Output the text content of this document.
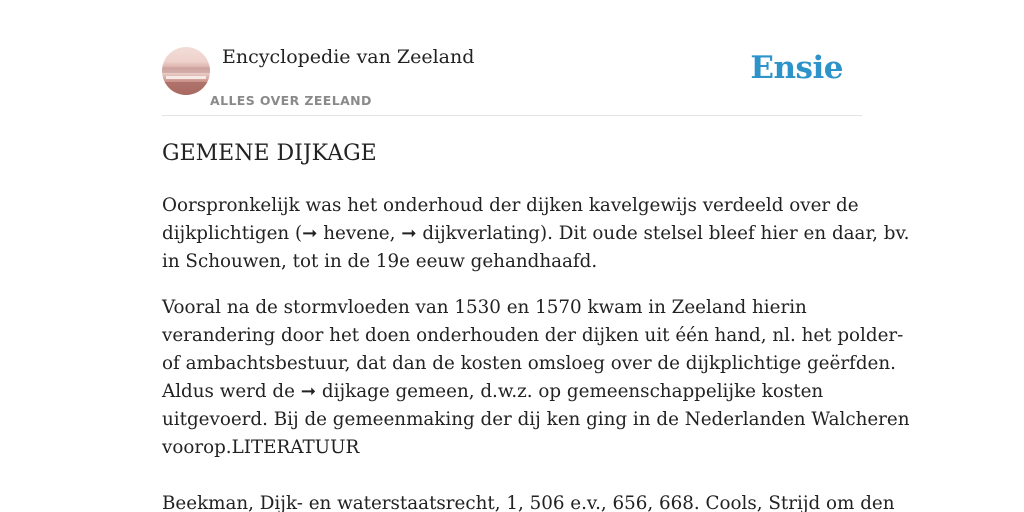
Encyclopedie van Zeeland
ALLES OVER ZEELAND
Ensie
GEMENE DIJKAGE

Oorspronkelijk was het onderhoud der dijken kavelgewijs verdeeld over de
dijkplichtigen (➞ hevene, ➞ dijkverlating). Dit oude stelsel bleef hier en daar, bv.
in Schouwen, tot in de 19e eeuw gehandhaafd.

Vooral na de stormvloeden van 1530 en 1570 kwam in Zeeland hierin
verandering door het doen onderhouden der dijken uit één hand, nl. het polder-
of ambachtsbestuur, dat dan de kosten omsloeg over de dijkplichtige geërfden.
Aldus werd de ➞ dijkage gemeen, d.w.z. op gemeenschappelijke kosten
uitgevoerd. Bij de gemeenmaking der dij ken ging in de Nederlanden Walcheren
voorop.LITERATUUR

Beekman, Dijk- en waterstaatsrecht, 1, 506 e.v., 656, 668. Cools, Strijd om den
